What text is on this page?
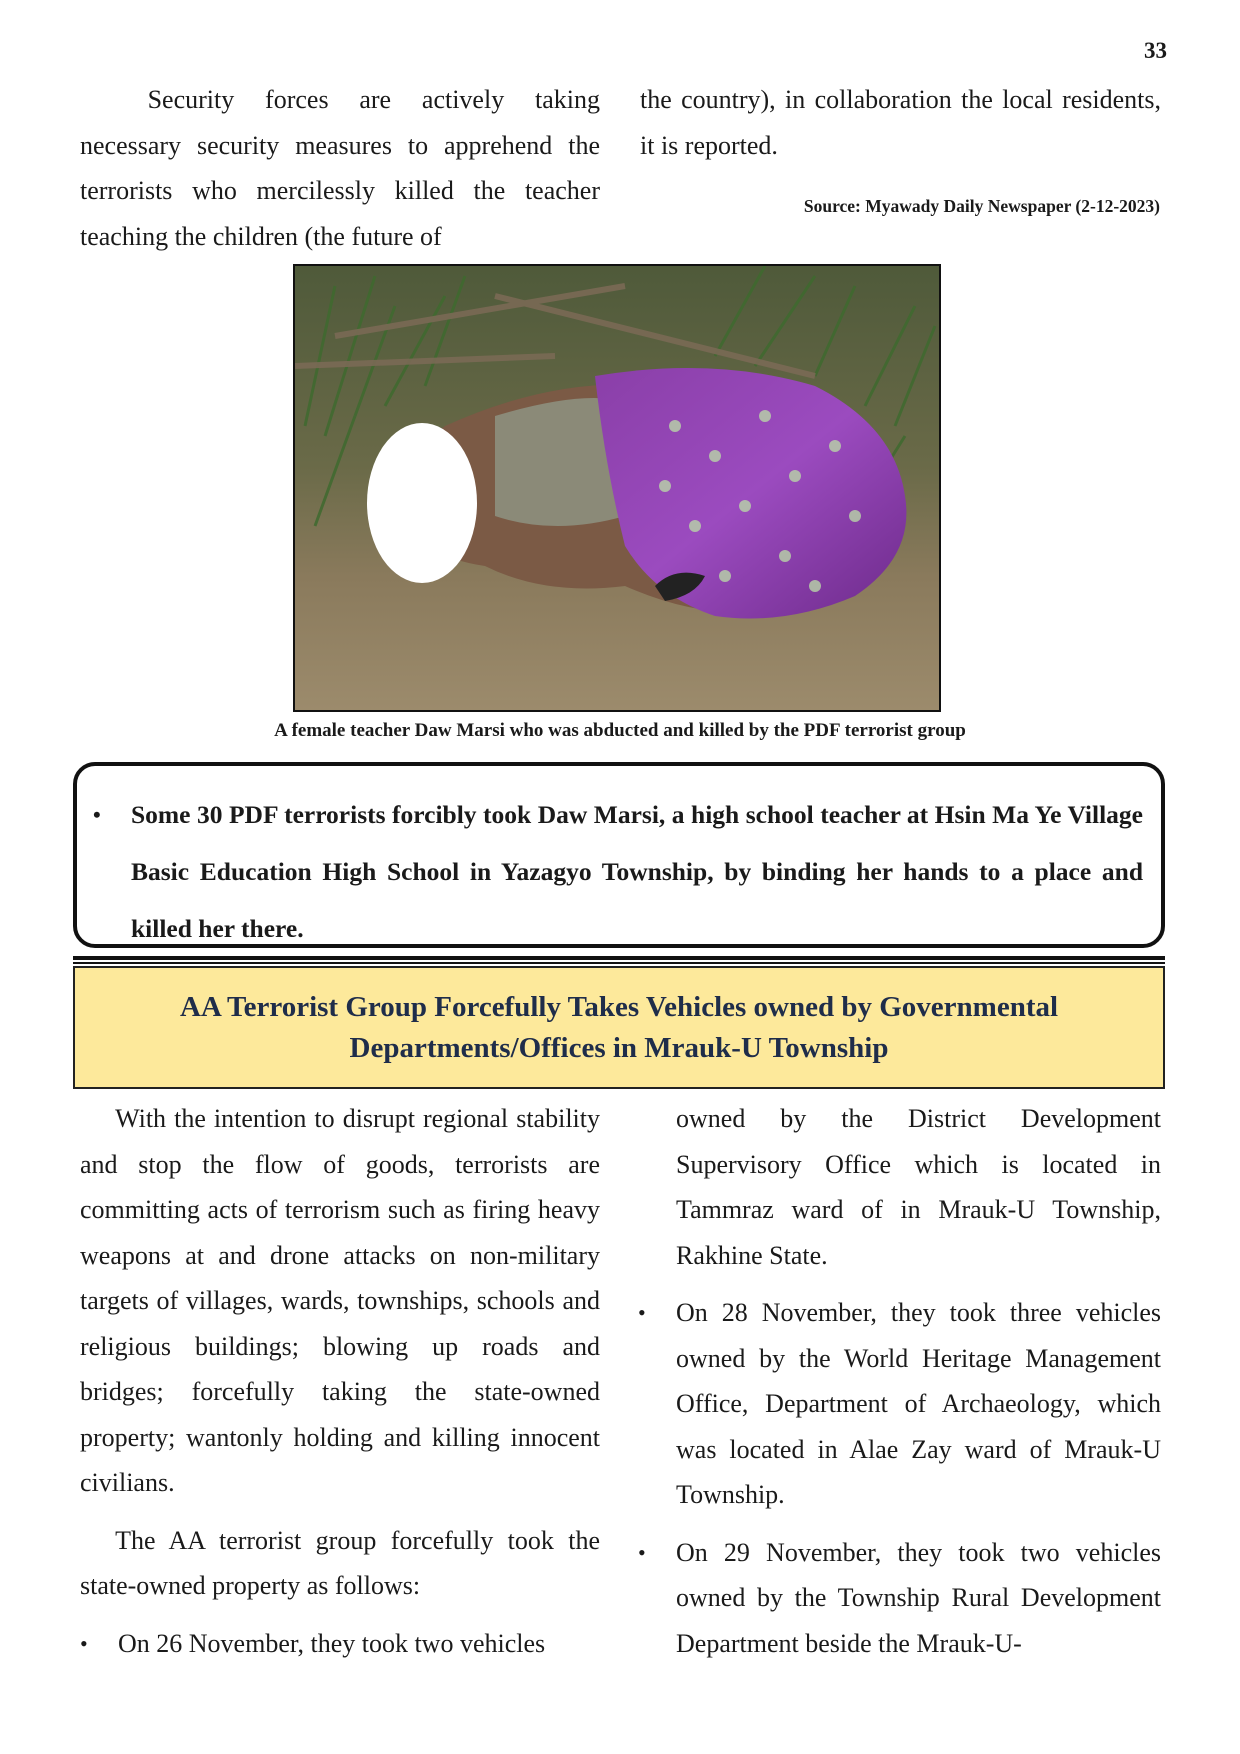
33

Security forces are actively taking necessary security measures to apprehend the terrorists who mercilessly killed the teacher teaching the children (the future of

the country), in collaboration the local residents, it is reported.

Source: Myawady Daily Newspaper (2-12-2023)
A female teacher Daw Marsi who was abducted and killed by the PDF terrorist group
• Some 30 PDF terrorists forcibly took Daw Marsi, a high school teacher at Hsin Ma Ye Village Basic Education High School in Yazagyo Township, by binding her hands to a place and killed her there.
AA Terrorist Group Forcefully Takes Vehicles owned by Governmental
Departments/Offices in Mrauk-U Township

With the intention to disrupt regional stability and stop the flow of goods, terrorists are committing acts of terrorism such as firing heavy weapons at and drone attacks on non-military targets of villages, wards, townships, schools and religious buildings; blowing up roads and bridges; forcefully taking the state-owned property; wantonly holding and killing innocent civilians.

The AA terrorist group forcefully took the state-owned property as follows:

• On 26 November, they took two vehicles

owned by the District Development Supervisory Office which is located in Tammraz ward of in Mrauk-U Township, Rakhine State.

• On 28 November, they took three vehicles owned by the World Heritage Management Office, Department of Archaeology, which was located in Alae Zay ward of Mrauk-U Township.
• On 29 November, they took two vehicles owned by the Township Rural Development Department beside the Mrauk-U-
